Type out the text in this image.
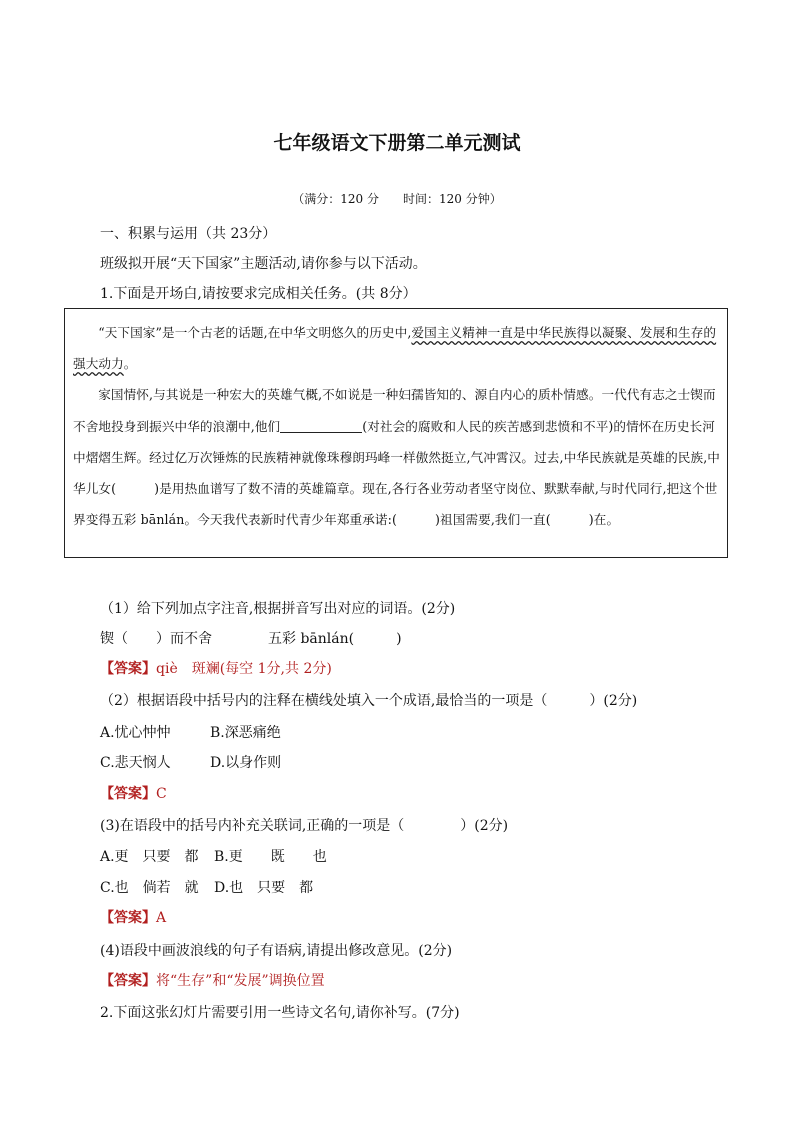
七年级语文下册第二单元测试
（满分：120 分　　时间：120 分钟）
一、积累与运用（共 23分）
班级拟开展“天下国家”主题活动,请你参与以下活动。
1.下面是开场白,请按要求完成相关任务。(共 8分）

“天下国家”是一个古老的话题,在中华文明悠久的历史中,爱国主义精神一直是中华民族得以凝聚、发展和生存的强大动力。

家国情怀,与其说是一种宏大的英雄气概,不如说是一种妇孺皆知的、源自内心的质朴情感。一代代有志之士锲而不舍地投身到振兴中华的浪潮中,他们	(对社会的腐败和人民的疾苦感到悲愤和不平)的情怀在历史长河中熠熠生辉。经过亿万次锤炼的民族精神就像珠穆朗玛峰一样傲然挺立,气冲霄汉。过去,中华民族就是英雄的民族,中华儿女(　　　)是用热血谱写了数不清的英雄篇章。现在,各行各业劳动者坚守岗位、默默奉献,与时代同行,把这个世界变得五彩 bānlán。今天我代表新时代青少年郑重承诺:(　　　)祖国需要,我们一直(　　　)在。

（1）给下列加点字注音,根据拼音写出对应的词语。(2分)
锲（　　）而不舍　　　　五彩 bānlán(　　　)
【答案】qiè　斑斓(每空 1分,共 2分)
（2）根据语段中括号内的注释在横线处填入一个成语,最恰当的一项是（　　　）(2分)
A.忧心忡忡	B.深恶痛绝
C.悲天悯人	D.以身作则
【答案】C
(3)在语段中的括号内补充关联词,正确的一项是（　　　　）(2分)
A.更　只要　都 B.更　　既　　也
C.也　倘若　就 D.也　只要　都
【答案】A
(4)语段中画波浪线的句子有语病,请提出修改意见。(2分)
【答案】将“生存”和“发展”调换位置
2.下面这张幻灯片需要引用一些诗文名句,请你补写。(7分)
